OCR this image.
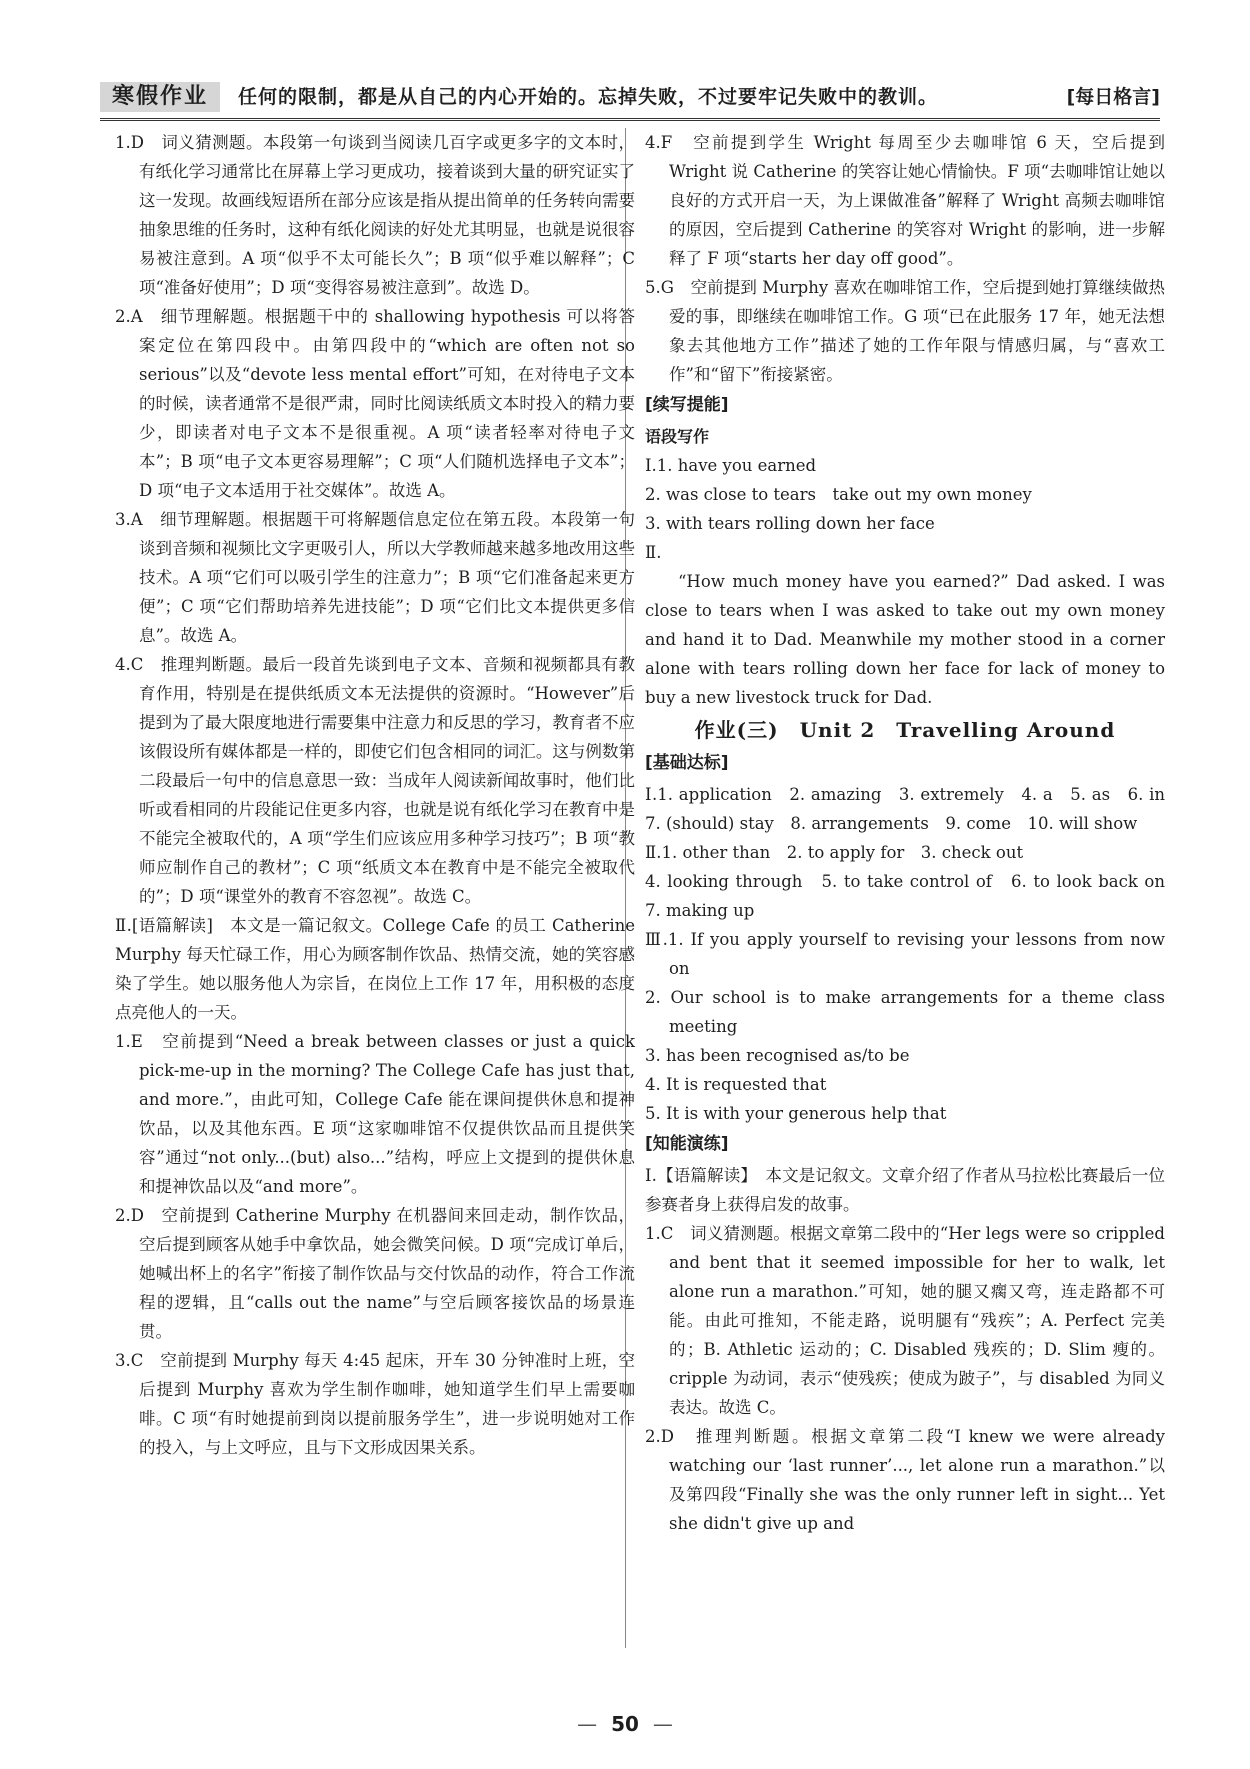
寒假作业	任何的限制，都是从自己的内心开始的。忘掉失败，不过要牢记失败中的教训。	[每日格言]

1.D　词义猜测题。本段第一句谈到当阅读几百字或更多字的文本时，有纸化学习通常比在屏幕上学习更成功，接着谈到大量的研究证实了这一发现。故画线短语所在部分应该是指从提出简单的任务转向需要抽象思维的任务时，这种有纸化阅读的好处尤其明显，也就是说很容易被注意到。A 项“似乎不太可能长久”；B 项“似乎难以解释”；C 项“准备好使用”；D 项“变得容易被注意到”。故选 D。

2.A　细节理解题。根据题干中的 shallowing hypothesis 可以将答案定位在第四段中。由第四段中的“which are often not so serious”以及“devote less mental effort”可知，在对待电子文本的时候，读者通常不是很严肃，同时比阅读纸质文本时投入的精力要少，即读者对电子文本不是很重视。A 项“读者轻率对待电子文本”；B 项“电子文本更容易理解”；C 项“人们随机选择电子文本”；D 项“电子文本适用于社交媒体”。故选 A。

3.A　细节理解题。根据题干可将解题信息定位在第五段。本段第一句谈到音频和视频比文字更吸引人，所以大学教师越来越多地改用这些技术。A 项“它们可以吸引学生的注意力”；B 项“它们准备起来更方便”；C 项“它们帮助培养先进技能”；D 项“它们比文本提供更多信息”。故选 A。

4.C　推理判断题。最后一段首先谈到电子文本、音频和视频都具有教育作用，特别是在提供纸质文本无法提供的资源时。“However”后提到为了最大限度地进行需要集中注意力和反思的学习，教育者不应该假设所有媒体都是一样的，即使它们包含相同的词汇。这与例数第二段最后一句中的信息意思一致：当成年人阅读新闻故事时，他们比听或看相同的片段能记住更多内容，也就是说有纸化学习在教育中是不能完全被取代的，A 项“学生们应该应用多种学习技巧”；B 项“教师应制作自己的教材”；C 项“纸质文本在教育中是不能完全被取代的”；D 项“课堂外的教育不容忽视”。故选 C。

Ⅱ.[语篇解读]　本文是一篇记叙文。College Cafe 的员工 Catherine Murphy 每天忙碌工作，用心为顾客制作饮品、热情交流，她的笑容感染了学生。她以服务他人为宗旨，在岗位上工作 17 年，用积极的态度点亮他人的一天。

1.E　空前提到“Need a break between classes or just a quick pick-me-up in the morning? The College Cafe has just that, and more.”，由此可知，College Cafe 能在课间提供休息和提神饮品，以及其他东西。E 项“这家咖啡馆不仅提供饮品而且提供笑容”通过“not only...(but) also...”结构，呼应上文提到的提供休息和提神饮品以及“and more”。

2.D　空前提到 Catherine Murphy 在机器间来回走动，制作饮品，空后提到顾客从她手中拿饮品，她会微笑问候。D 项“完成订单后，她喊出杯上的名字”衔接了制作饮品与交付饮品的动作，符合工作流程的逻辑，且“calls out the name”与空后顾客接饮品的场景连贯。

3.C　空前提到 Murphy 每天 4:45 起床，开车 30 分钟准时上班，空后提到 Murphy 喜欢为学生制作咖啡，她知道学生们早上需要咖啡。C 项“有时她提前到岗以提前服务学生”，进一步说明她对工作的投入，与上文呼应，且与下文形成因果关系。

4.F　空前提到学生 Wright 每周至少去咖啡馆 6 天，空后提到 Wright 说 Catherine 的笑容让她心情愉快。F 项“去咖啡馆让她以良好的方式开启一天，为上课做准备”解释了 Wright 高频去咖啡馆的原因，空后提到 Catherine 的笑容对 Wright 的影响，进一步解释了 F 项“starts her day off good”。

5.G　空前提到 Murphy 喜欢在咖啡馆工作，空后提到她打算继续做热爱的事，即继续在咖啡馆工作。G 项“已在此服务 17 年，她无法想象去其他地方工作”描述了她的工作年限与情感归属，与“喜欢工作”和“留下”衔接紧密。

[续写提能]
语段写作

Ⅰ.1. have you earned

2. was close to tears　take out my own money

3. with tears rolling down her face

Ⅱ.

“How much money have you earned?” Dad asked. I was close to tears when I was asked to take out my own money and hand it to Dad. Meanwhile my mother stood in a corner alone with tears rolling down her face for lack of money to buy a new livestock truck for Dad.

作业(三)　Unit 2　Travelling Around
[基础达标]

Ⅰ.1. application　2. amazing　3. extremely　4. a　5. as　6. in　7. (should) stay　8. arrangements　9. come　10. will show

Ⅱ.1. other than　2. to apply for　3. check out

4. looking through　5. to take control of　6. to look back on　7. making up

Ⅲ.1. If you apply yourself to revising your lessons from now on

2. Our school is to make arrangements for a theme class meeting

3. has been recognised as/to be

4. It is requested that

5. It is with your generous help that

[知能演练]

Ⅰ.【语篇解读】　本文是记叙文。文章介绍了作者从马拉松比赛最后一位参赛者身上获得启发的故事。

1.C　词义猜测题。根据文章第二段中的“Her legs were so crippled and bent that it seemed impossible for her to walk, let alone run a marathon.”可知，她的腿又瘸又弯，连走路都不可能。由此可推知，不能走路，说明腿有“残疾”；A. Perfect 完美的；B. Athletic 运动的；C. Disabled 残疾的；D. Slim 瘦的。cripple 为动词，表示“使残疾；使成为跛子”，与 disabled 为同义表达。故选 C。

2.D　推理判断题。根据文章第二段“I knew we were already watching our ‘last runner’..., let alone run a marathon.”以及第四段“Finally she was the only runner left in sight... Yet she didn't give up and

— 50 —
